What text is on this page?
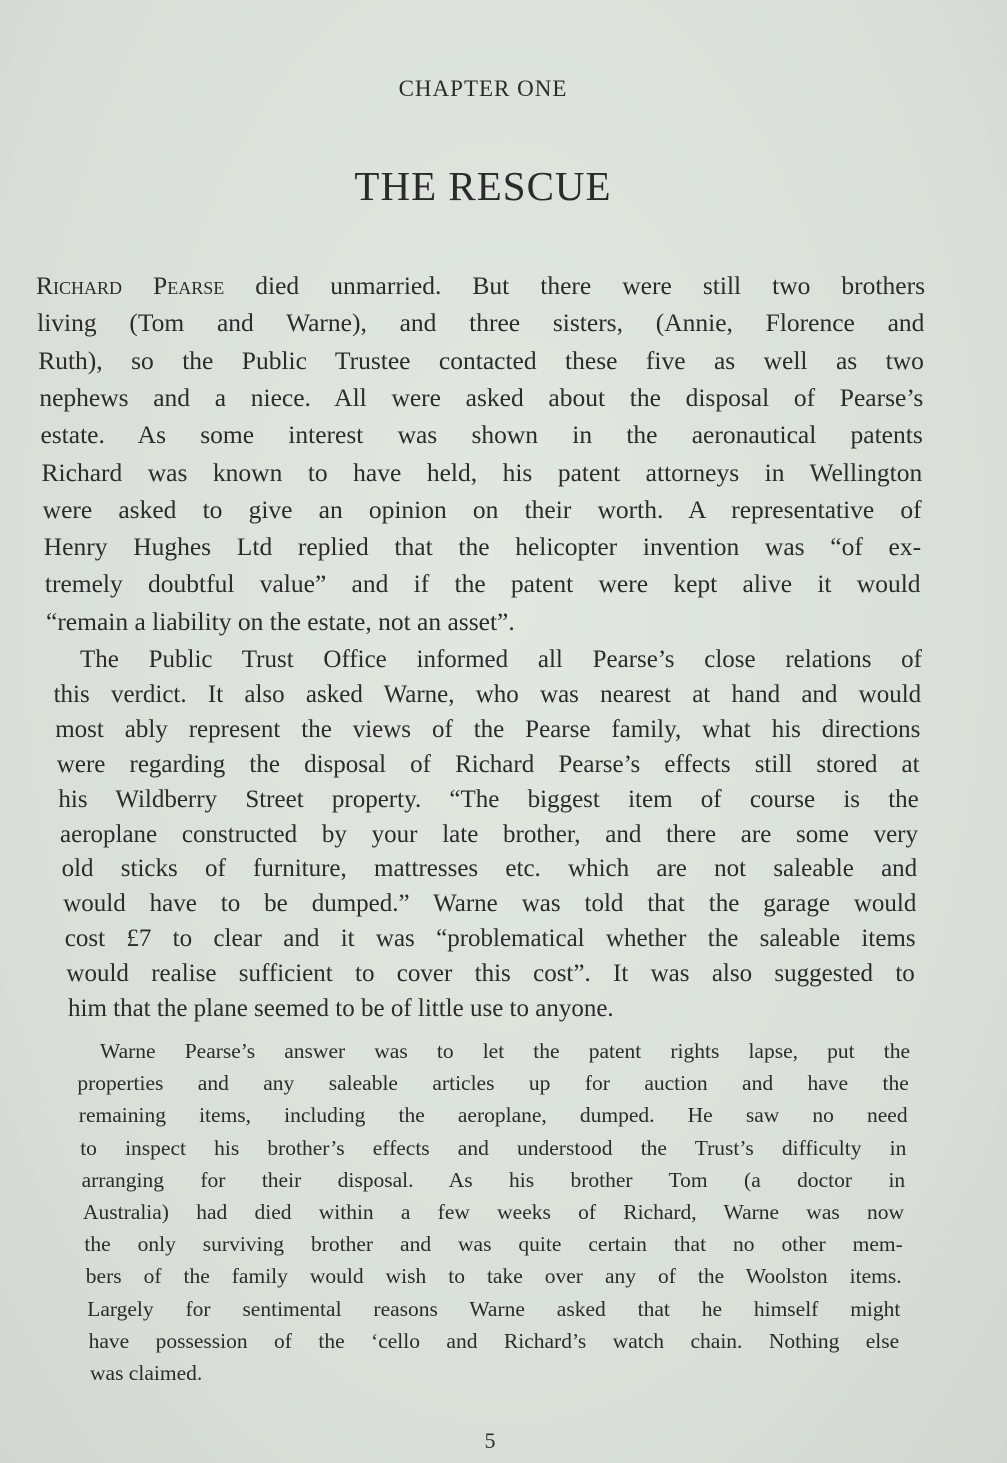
CHAPTER ONE
THE RESCUE
Richard Pearse died unmarried. But there were still two brothers
living (Tom and Warne), and three sisters, (Annie, Florence and
Ruth), so the Public Trustee contacted these five as well as two
nephews and a niece. All were asked about the disposal of Pearse’s
estate. As some interest was shown in the aeronautical patents
Richard was known to have held, his patent attorneys in Wellington
were asked to give an opinion on their worth. A representative of
Henry Hughes Ltd replied that the helicopter invention was “of ex-
tremely doubtful value” and if the patent were kept alive it would
“remain a liability on the estate, not an asset”.
The Public Trust Office informed all Pearse’s close relations of
this verdict. It also asked Warne, who was nearest at hand and would
most ably represent the views of the Pearse family, what his directions
were regarding the disposal of Richard Pearse’s effects still stored at
his Wildberry Street property. “The biggest item of course is the
aeroplane constructed by your late brother, and there are some very
old sticks of furniture, mattresses etc. which are not saleable and
would have to be dumped.” Warne was told that the garage would
cost £7 to clear and it was “problematical whether the saleable items
would realise sufficient to cover this cost”. It was also suggested to
him that the plane seemed to be of little use to anyone.
Warne Pearse’s answer was to let the patent rights lapse, put the
properties and any saleable articles up for auction and have the
remaining items, including the aeroplane, dumped. He saw no need
to inspect his brother’s effects and understood the Trust’s difficulty in
arranging for their disposal. As his brother Tom (a doctor in
Australia) had died within a few weeks of Richard, Warne was now
the only surviving brother and was quite certain that no other mem-
bers of the family would wish to take over any of the Woolston items.
Largely for sentimental reasons Warne asked that he himself might
have possession of the ‘cello and Richard’s watch chain. Nothing else
was claimed.
5
